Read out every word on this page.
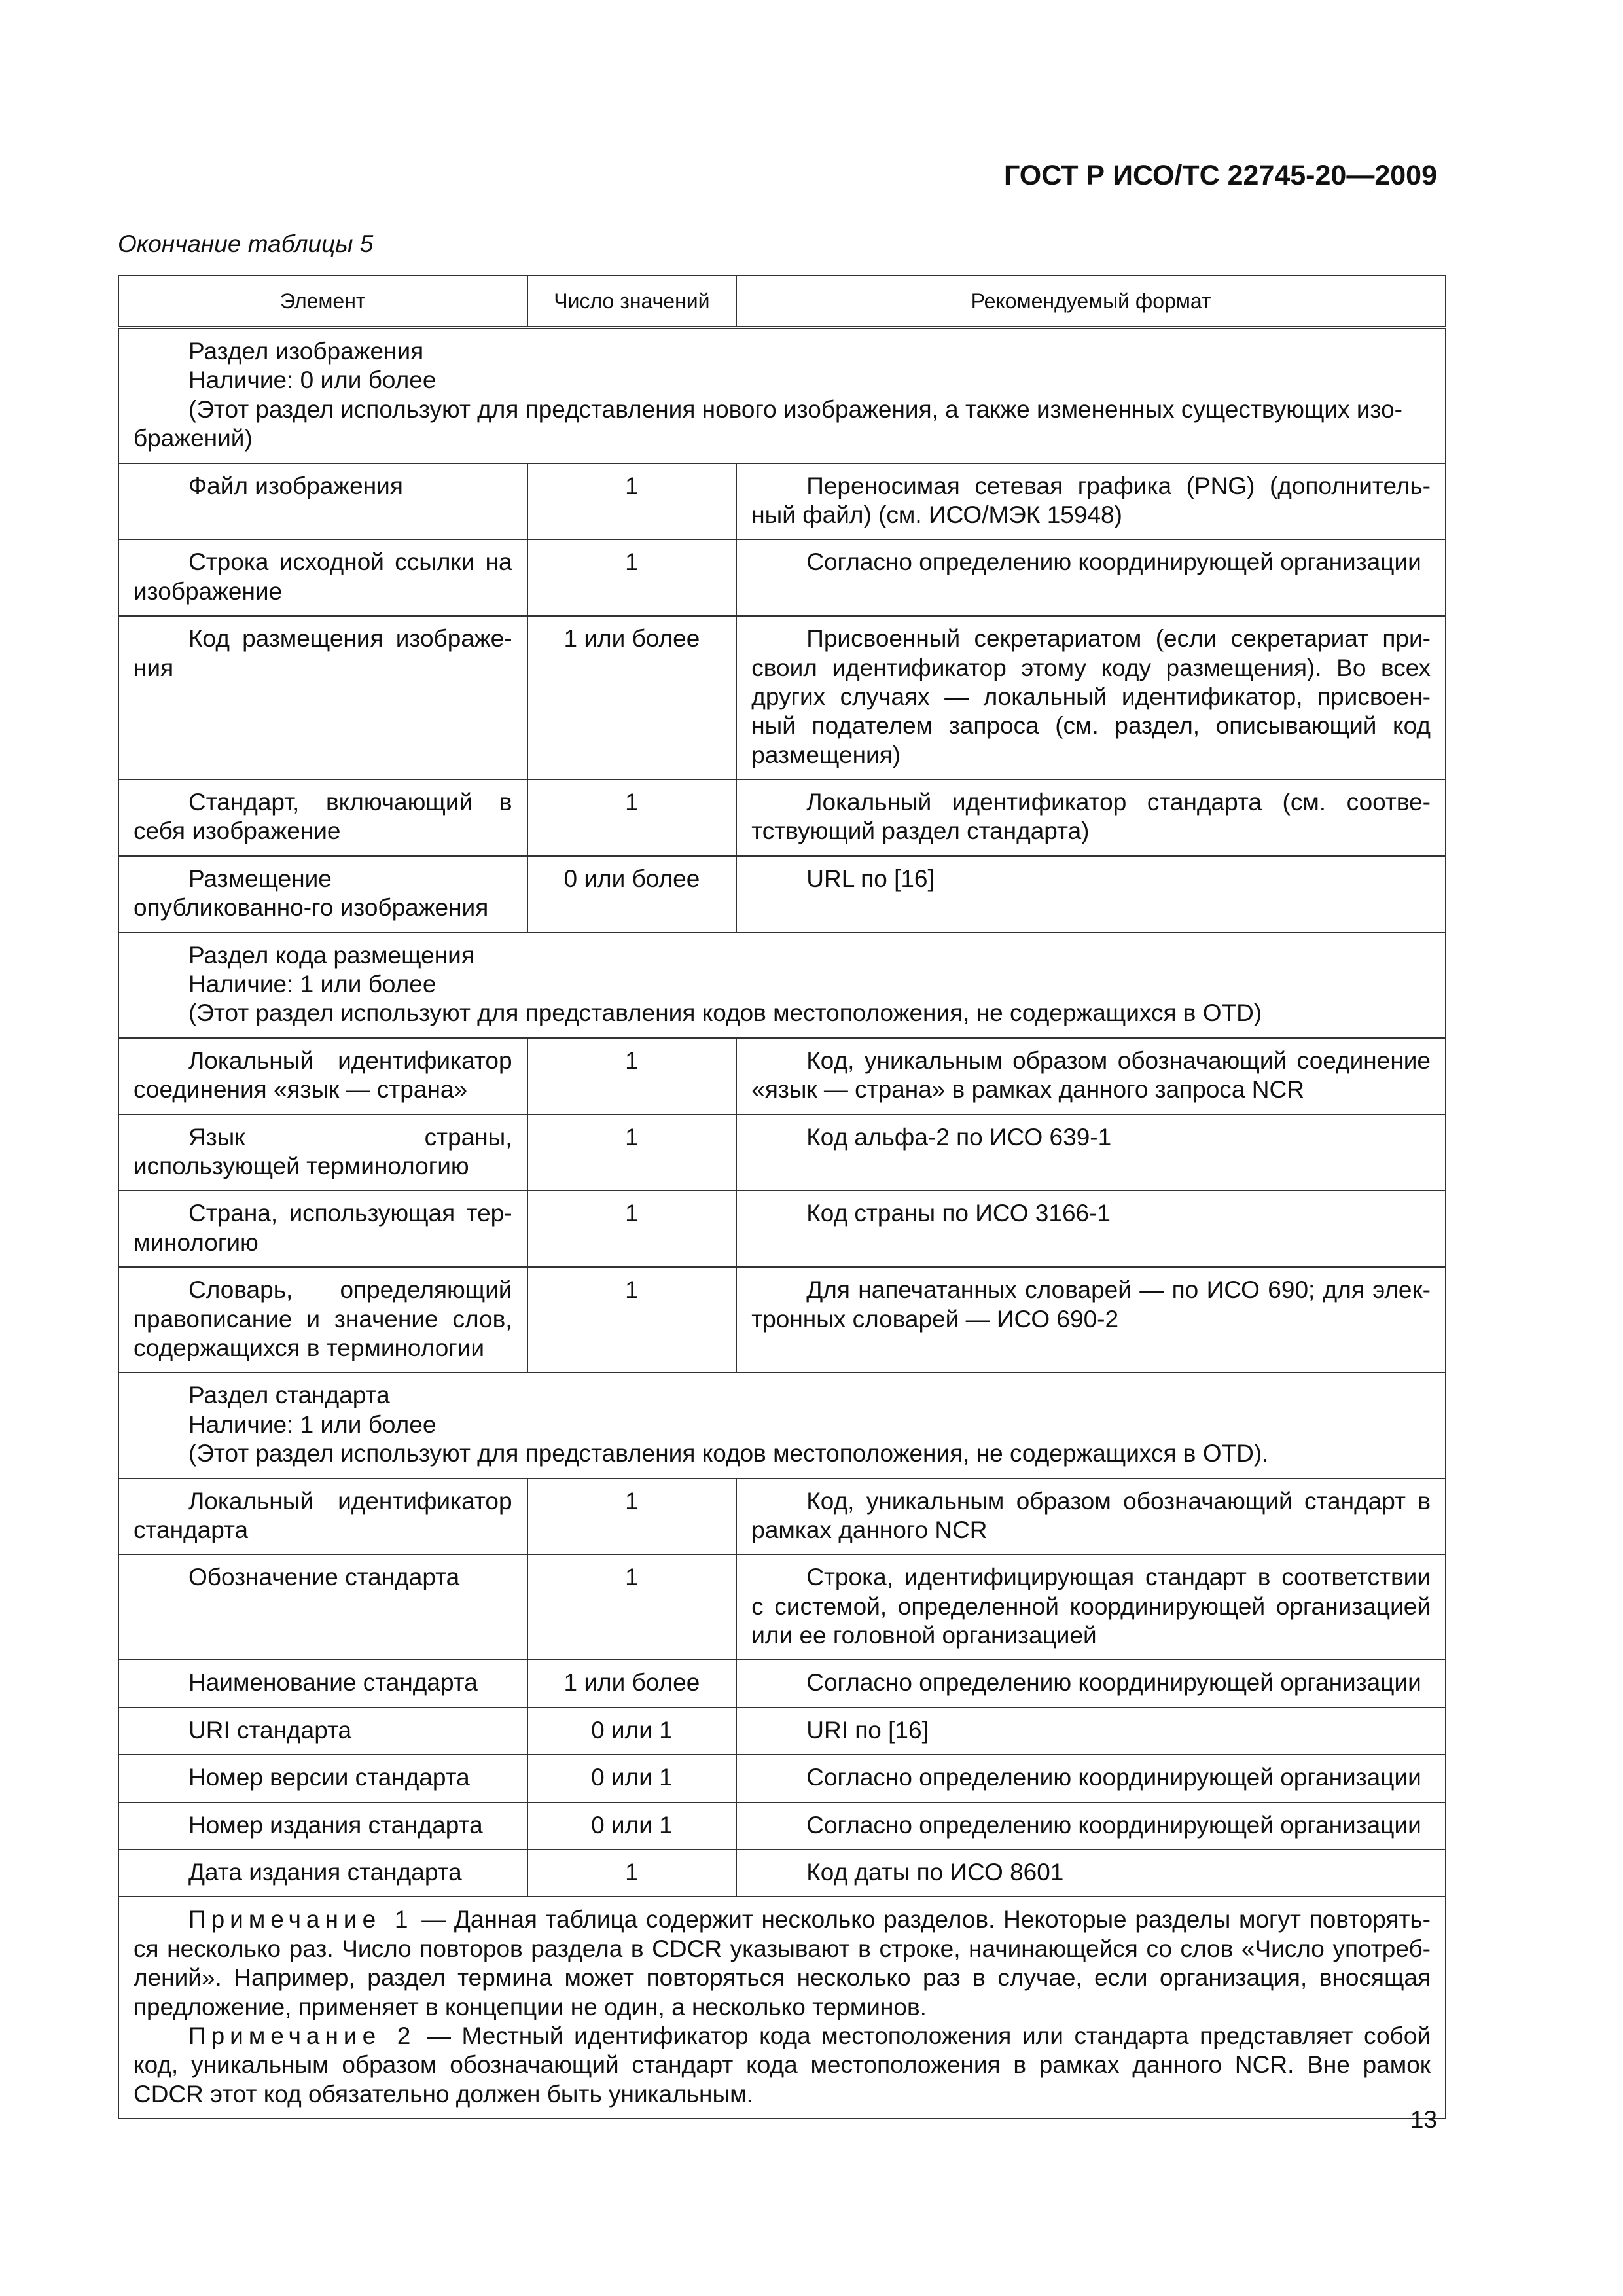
ГОСТ Р ИСО/ТС 22745-20—2009
Окончание таблицы 5
Элемент	Число значений	Рекомендуемый формат

Раздел изображения
Наличие: 0 или более
(Этот раздел используют для представления нового изображения, а также измененных существующих изо-
бражений)		

Файл изображения	1	Переносимая сетевая графика (PNG) (дополнитель-ный файл) (см. ИСО/МЭК 15948)
Строка исходной ссылки на изображение	1	Согласно определению координирующей организации
Код размещения изображе-ния	1 или более	Присвоенный секретариатом (если секретариат при-своил идентификатор этому коду размещения). Во всех других случаях — локальный идентификатор, присвоен-ный подателем запроса (см. раздел, описывающий код размещения)
Стандарт, включающий в себя изображение	1	Локальный идентификатор стандарта (см. соотве-тствующий раздел стандарта)
Размещение опубликованно-го изображения	0 или более	URL по [16]

Раздел кода размещения
Наличие: 1 или более
(Этот раздел используют для представления кодов местоположения, не содержащихся в OTD)		

Локальный идентификатор соединения «язык — страна»	1	Код, уникальным образом обозначающий соединение «язык — страна» в рамках данного запроса NCR
Язык страны, использующей терминологию	1	Код альфа-2 по ИСО 639-1
Страна, использующая тер-минологию	1	Код страны по ИСО 3166-1
Словарь, определяющий правописание и значение слов, содержащихся в терминологии	1	Для напечатанных словарей — по ИСО 690; для элек-тронных словарей — ИСО 690-2

Раздел стандарта
Наличие: 1 или более
(Этот раздел используют для представления кодов местоположения, не содержащихся в OTD).		

Локальный идентификатор стандарта	1	Код, уникальным образом обозначающий стандарт в рамках данного NCR
Обозначение стандарта	1	Строка, идентифицирующая стандарт в соответствии с системой, определенной координирующей организацией или ее головной организацией
Наименование стандарта	1 или более	Согласно определению координирующей организации
URI стандарта	0 или 1	URI по [16]
Номер версии стандарта	0 или 1	Согласно определению координирующей организации
Номер издания стандарта	0 или 1	Согласно определению координирующей организации
Дата издания стандарта	1	Код даты по ИСО 8601

Примечание 1 — Данная таблица содержит несколько разделов. Некоторые разделы могут повторять-ся несколько раз. Число повторов раздела в CDCR указывают в строке, начинающейся со слов «Число употреб-лений». Например, раздел термина может повторяться несколько раз в случае, если организация, вносящая предложение, применяет в концепции не один, а несколько терминов.

Примечание 2 — Местный идентификатор кода местоположения или стандарта представляет собой код, уникальным образом обозначающий стандарт кода местоположения в рамках данного NCR. Вне рамок CDCR этот код обязательно должен быть уникальным.		

13
